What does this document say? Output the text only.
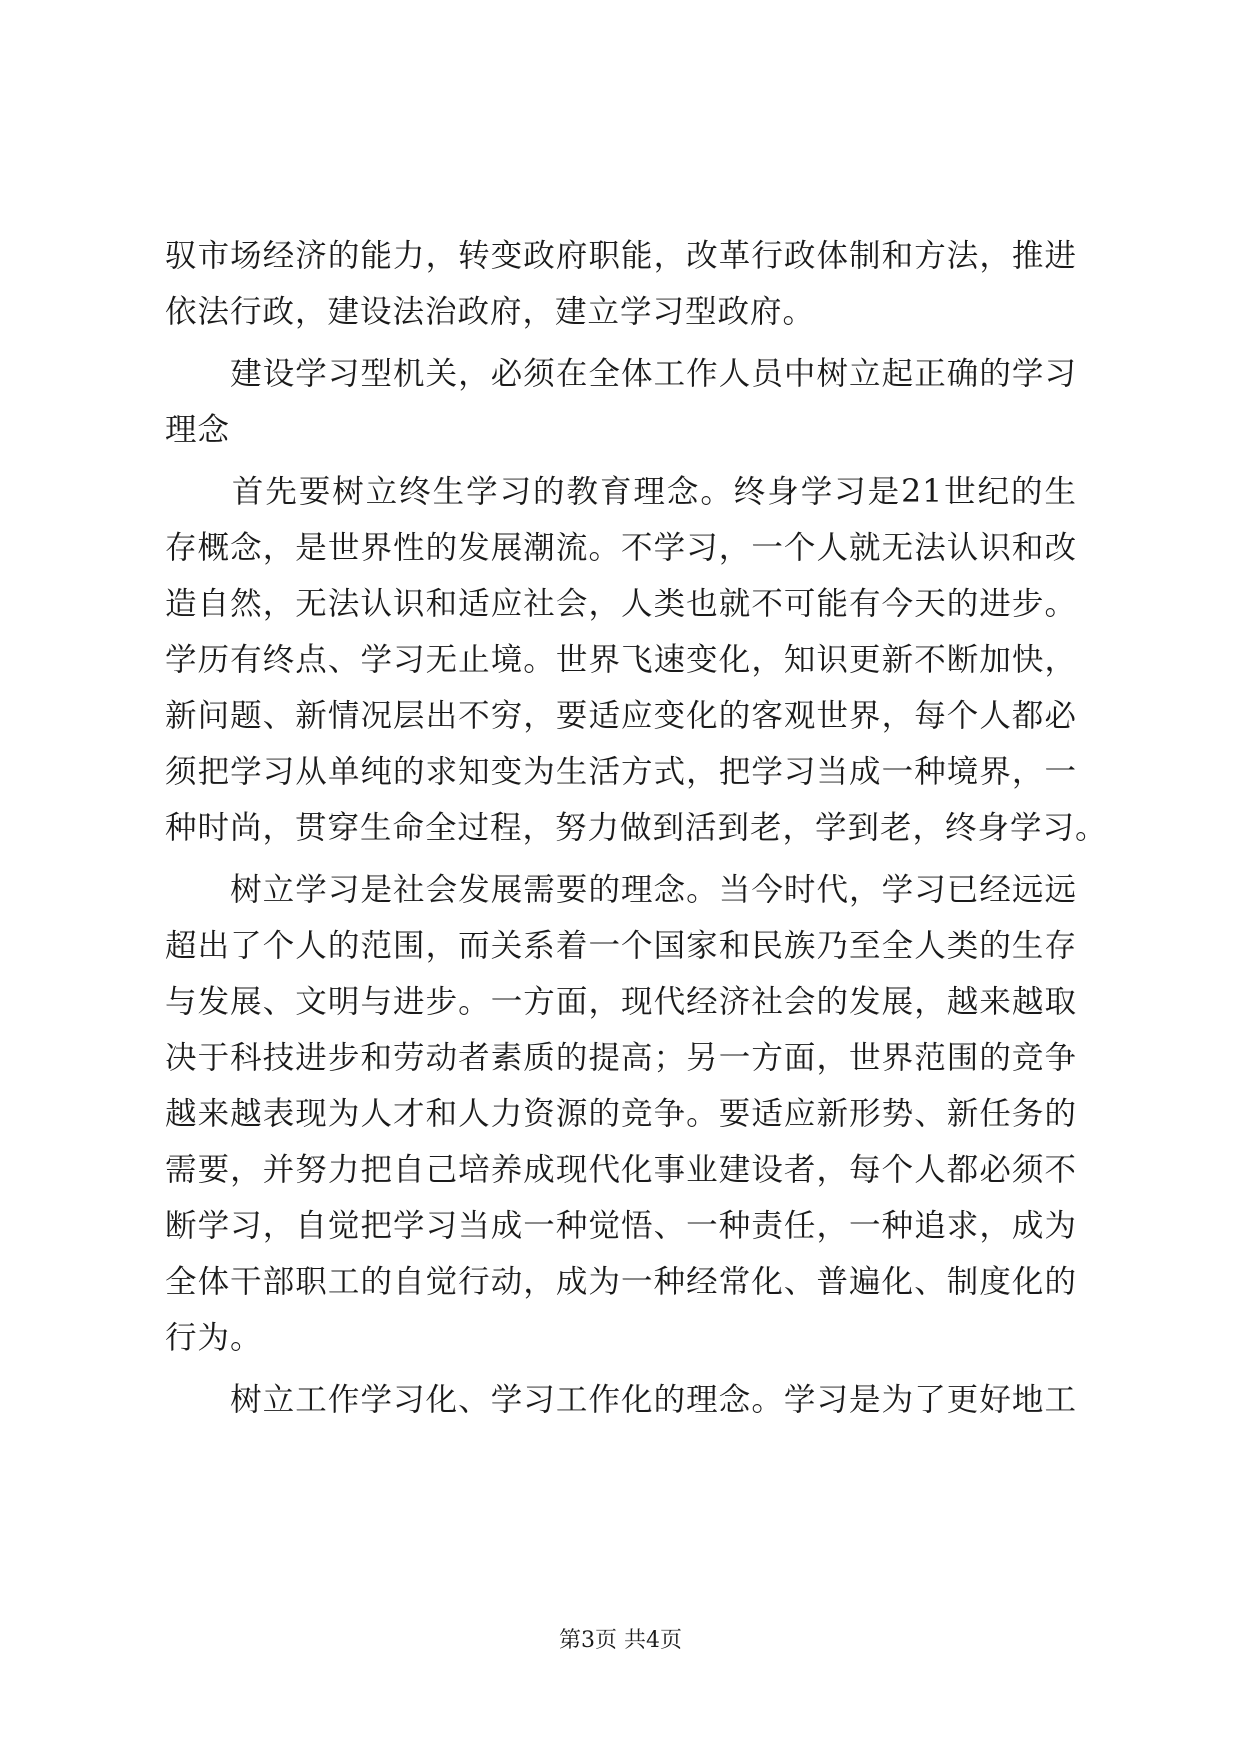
驭市场经济的能力，转变政府职能，改革行政体制和方法，推进
依法行政，建设法治政府，建立学习型政府。
　　建设学习型机关，必须在全体工作人员中树立起正确的学习
理念
　　首先要树立终生学习的教育理念。终身学习是21世纪的生
存概念，是世界性的发展潮流。不学习，一个人就无法认识和改
造自然，无法认识和适应社会，人类也就不可能有今天的进步。
学历有终点、学习无止境。世界飞速变化，知识更新不断加快，
新问题、新情况层出不穷，要适应变化的客观世界，每个人都必
须把学习从单纯的求知变为生活方式，把学习当成一种境界，一
种时尚，贯穿生命全过程，努力做到活到老，学到老，终身学习。
　　树立学习是社会发展需要的理念。当今时代，学习已经远远
超出了个人的范围，而关系着一个国家和民族乃至全人类的生存
与发展、文明与进步。一方面，现代经济社会的发展，越来越取
决于科技进步和劳动者素质的提高；另一方面，世界范围的竞争
越来越表现为人才和人力资源的竞争。要适应新形势、新任务的
需要，并努力把自己培养成现代化事业建设者，每个人都必须不
断学习，自觉把学习当成一种觉悟、一种责任，一种追求，成为
全体干部职工的自觉行动，成为一种经常化、普遍化、制度化的
行为。
　　树立工作学习化、学习工作化的理念。学习是为了更好地工
第3页 共4页
